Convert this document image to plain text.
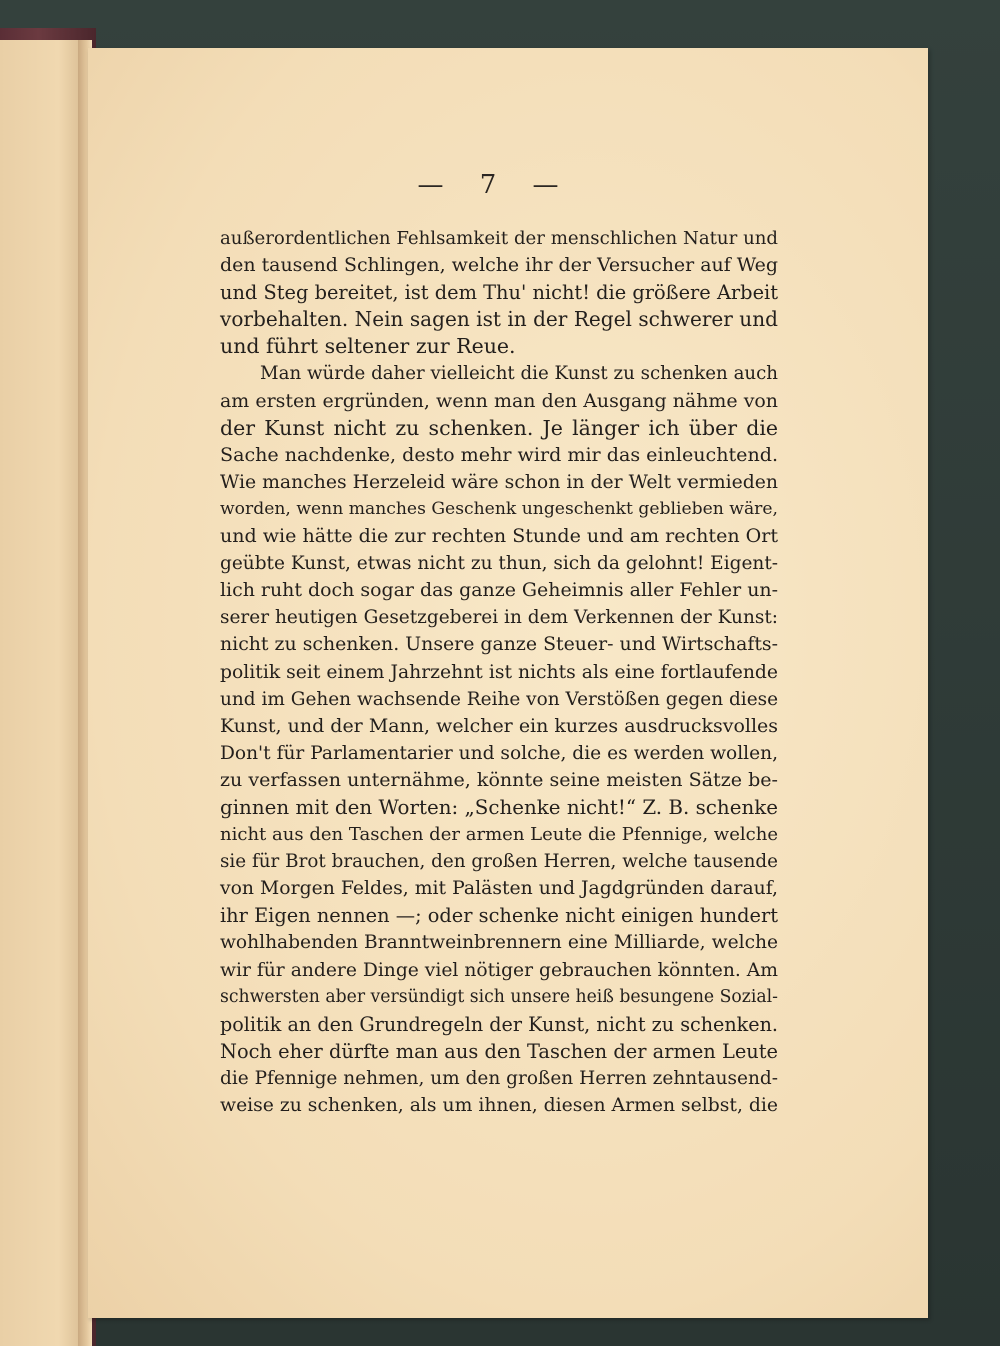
— 7 —
außerordentlichen Fehlsamkeit der menschlichen Natur und
den tausend Schlingen, welche ihr der Versucher auf Weg
und Steg bereitet, ist dem Thu' nicht! die größere Arbeit
vorbehalten. Nein sagen ist in der Regel schwerer und
und führt seltener zur Reue.
Man würde daher vielleicht die Kunst zu schenken auch
am ersten ergründen, wenn man den Ausgang nähme von
der Kunst nicht zu schenken. Je länger ich über die
Sache nachdenke, desto mehr wird mir das einleuchtend.
Wie manches Herzeleid wäre schon in der Welt vermieden
worden, wenn manches Geschenk ungeschenkt geblieben wäre,
und wie hätte die zur rechten Stunde und am rechten Ort
geübte Kunst, etwas nicht zu thun, sich da gelohnt! Eigent-
lich ruht doch sogar das ganze Geheimnis aller Fehler un-
serer heutigen Gesetzgeberei in dem Verkennen der Kunst:
nicht zu schenken. Unsere ganze Steuer- und Wirtschafts-
politik seit einem Jahrzehnt ist nichts als eine fortlaufende
und im Gehen wachsende Reihe von Verstößen gegen diese
Kunst, und der Mann, welcher ein kurzes ausdrucksvolles
Don't für Parlamentarier und solche, die es werden wollen,
zu verfassen unternähme, könnte seine meisten Sätze be-
ginnen mit den Worten: „Schenke nicht!“ Z. B. schenke
nicht aus den Taschen der armen Leute die Pfennige, welche
sie für Brot brauchen, den großen Herren, welche tausende
von Morgen Feldes, mit Palästen und Jagdgründen darauf,
ihr Eigen nennen —; oder schenke nicht einigen hundert
wohlhabenden Branntweinbrennern eine Milliarde, welche
wir für andere Dinge viel nötiger gebrauchen könnten. Am
schwersten aber versündigt sich unsere heiß besungene Sozial-
politik an den Grundregeln der Kunst, nicht zu schenken.
Noch eher dürfte man aus den Taschen der armen Leute
die Pfennige nehmen, um den großen Herren zehntausend-
weise zu schenken, als um ihnen, diesen Armen selbst, die
